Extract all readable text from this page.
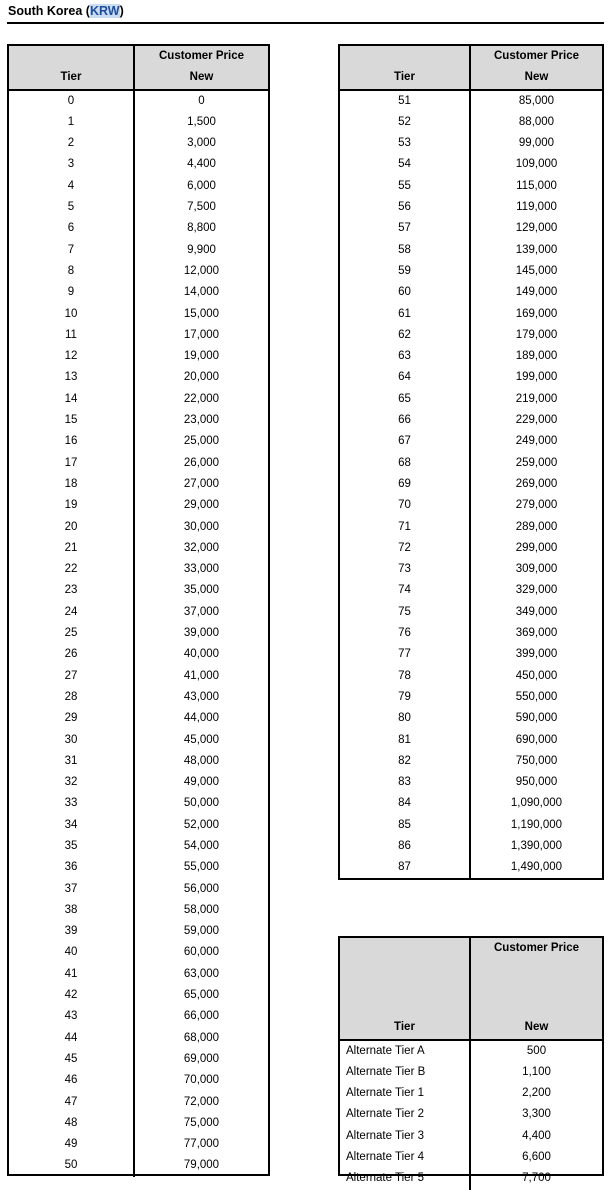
South Korea (KRW)
Tier	Customer Price
New

0	0
1	1,500
2	3,000
3	4,400
4	6,000
5	7,500
6	8,800
7	9,900
8	12,000
9	14,000
10	15,000
11	17,000
12	19,000
13	20,000
14	22,000
15	23,000
16	25,000
17	26,000
18	27,000
19	29,000
20	30,000
21	32,000
22	33,000
23	35,000
24	37,000
25	39,000
26	40,000
27	41,000
28	43,000
29	44,000
30	45,000
31	48,000
32	49,000
33	50,000
34	52,000
35	54,000
36	55,000
37	56,000
38	58,000
39	59,000
40	60,000
41	63,000
42	65,000
43	66,000
44	68,000
45	69,000
46	70,000
47	72,000
48	75,000
49	77,000
50	79,000
Tier	Customer Price
New

51	85,000
52	88,000
53	99,000
54	109,000
55	115,000
56	119,000
57	129,000
58	139,000
59	145,000
60	149,000
61	169,000
62	179,000
63	189,000
64	199,000
65	219,000
66	229,000
67	249,000
68	259,000
69	269,000
70	279,000
71	289,000
72	299,000
73	309,000
74	329,000
75	349,000
76	369,000
77	399,000
78	450,000
79	550,000
80	590,000
81	690,000
82	750,000
83	950,000
84	1,090,000
85	1,190,000
86	1,390,000
87	1,490,000
Tier	Customer Price
New

Alternate Tier A	500
Alternate Tier B	1,100
Alternate Tier 1	2,200
Alternate Tier 2	3,300
Alternate Tier 3	4,400
Alternate Tier 4	6,600
Alternate Tier 5	7,700
